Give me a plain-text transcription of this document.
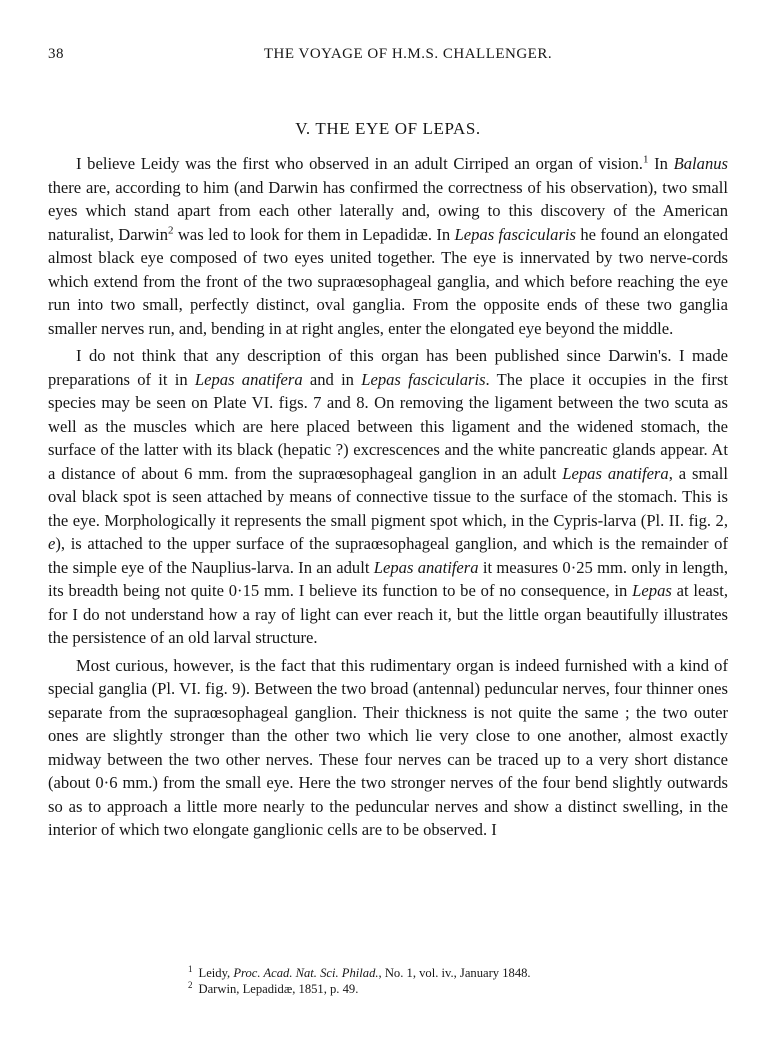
38	THE VOYAGE OF H.M.S. CHALLENGER.
V. THE EYE OF LEPAS.

I believe Leidy was the first who observed in an adult Cirriped an organ of vision.$^1$ In Balanus there are, according to him (and Darwin has confirmed the correctness of his observation), two small eyes which stand apart from each other laterally and, owing to this discovery of the American naturalist, Darwin$^2$ was led to look for them in Lepadidæ. In Lepas fascicularis he found an elongated almost black eye composed of two eyes united together. The eye is innervated by two nerve-cords which extend from the front of the two supraœsophageal ganglia, and which before reaching the eye run into two small, perfectly distinct, oval ganglia. From the opposite ends of these two ganglia smaller nerves run, and, bending in at right angles, enter the elongated eye beyond the middle.

I do not think that any description of this organ has been published since Darwin's. I made preparations of it in Lepas anatifera and in Lepas fascicularis. The place it occupies in the first species may be seen on Plate VI. figs. 7 and 8. On removing the ligament between the two scuta as well as the muscles which are here placed between this ligament and the widened stomach, the surface of the latter with its black (hepatic ?) excrescences and the white pancreatic glands appear. At a distance of about 6 mm. from the supraœsophageal ganglion in an adult Lepas anatifera, a small oval black spot is seen attached by means of connective tissue to the surface of the stomach. This is the eye. Morphologically it represents the small pigment spot which, in the Cypris-larva (Pl. II. fig. 2, e), is attached to the upper surface of the supraœsophageal ganglion, and which is the remainder of the simple eye of the Nauplius-larva. In an adult Lepas anatifera it measures 0·25 mm. only in length, its breadth being not quite 0·15 mm. I believe its function to be of no consequence, in Lepas at least, for I do not understand how a ray of light can ever reach it, but the little organ beautifully illustrates the persistence of an old larval structure.

Most curious, however, is the fact that this rudimentary organ is indeed furnished with a kind of special ganglia (Pl. VI. fig. 9). Between the two broad (antennal) peduncular nerves, four thinner ones separate from the supraœsophageal ganglion. Their thickness is not quite the same ; the two outer ones are slightly stronger than the other two which lie very close to one another, almost exactly midway between the two other nerves. These four nerves can be traced up to a very short distance (about 0·6 mm.) from the small eye. Here the two stronger nerves of the four bend slightly outwards so as to approach a little more nearly to the peduncular nerves and show a distinct swelling, in the interior of which two elongate ganglionic cells are to be observed. I

$^1$ Leidy, Proc. Acad. Nat. Sci. Philad., No. 1, vol. iv., January 1848.

$^2$ Darwin, Lepadidæ, 1851, p. 49.
